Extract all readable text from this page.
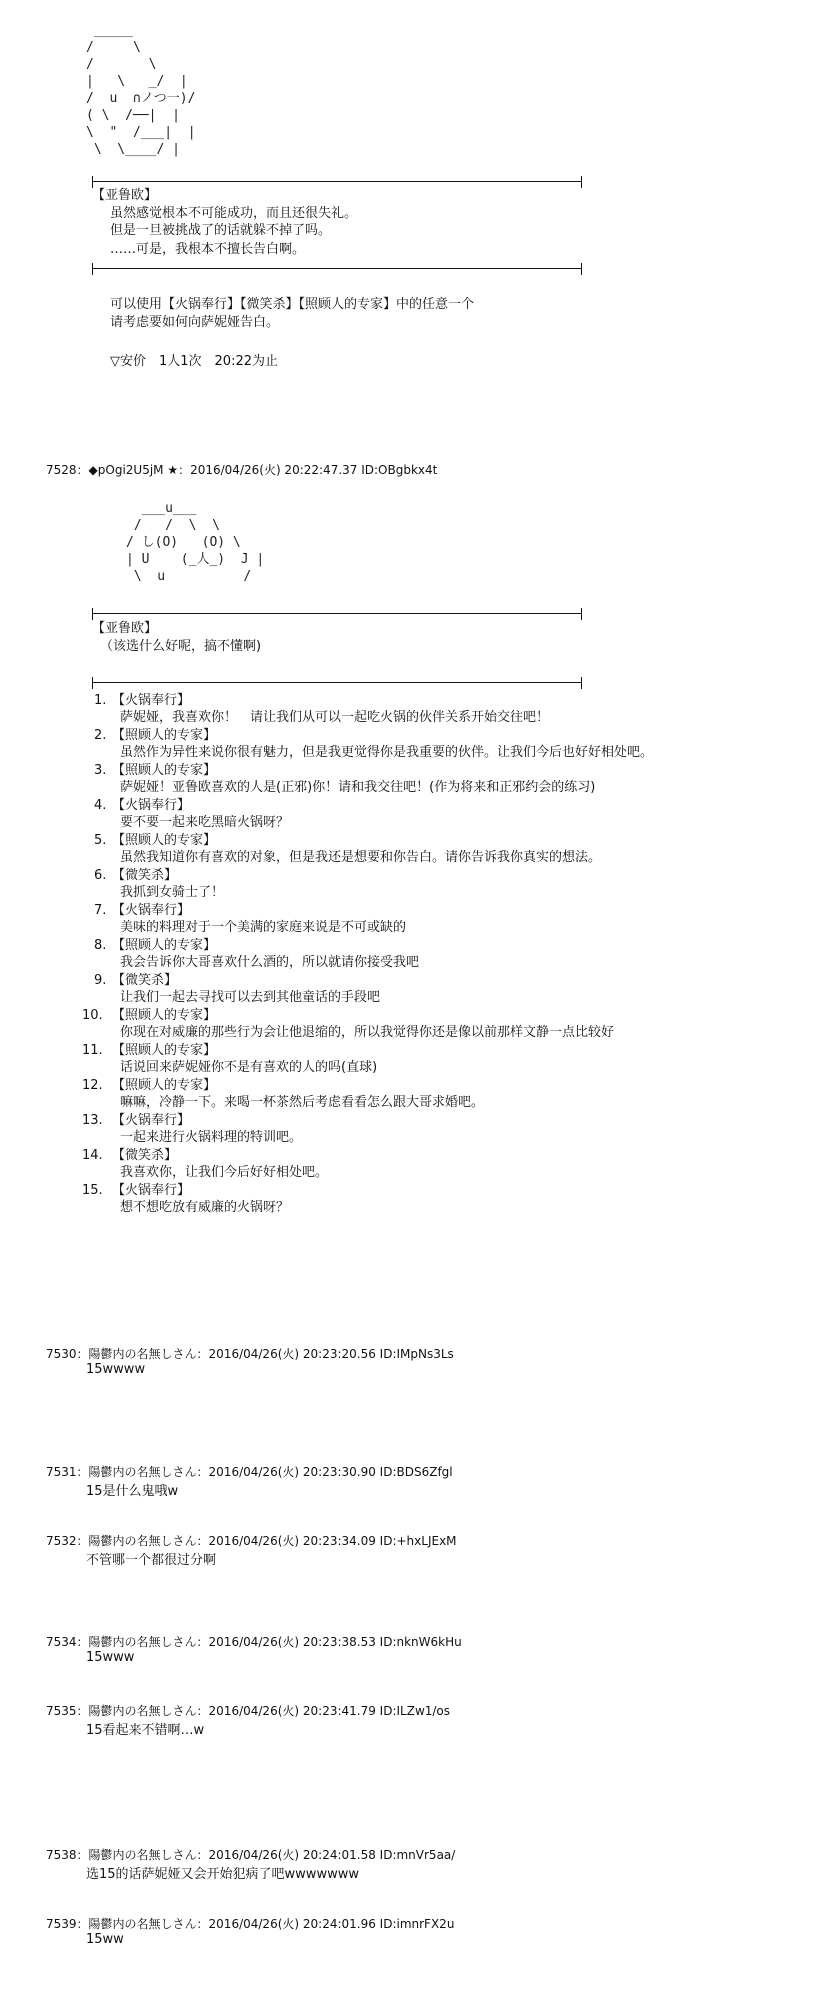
_____
/     \
/       \
|   \   _/  |
/  u  ∩ノつ一)/
( \  /──|  |
\  "  /___|  |
\  \____/ |
【亚鲁欧】
虽然感觉根本不可能成功，而且还很失礼。
但是一旦被挑战了的话就躲不掉了吗。
……可是，我根本不擅长告白啊。
可以使用【火锅奉行】【微笑杀】【照顾人的专家】中的任意一个
请考虑要如何向萨妮娅告白。
▽安价　1人1次　20:22为止
7528：◆pOgi2U5jM ★：2016/04/26(火) 20:22:47.37 ID:OBgbkx4t
___u___
/   /  \  \
/ し(O)   (O) \
| U    (_人_)  J |
\  u          /
【亚鲁欧】
（该选什么好呢，搞不懂啊)
1. 【火锅奉行】
萨妮娅，我喜欢你！　请让我们从可以一起吃火锅的伙伴关系开始交往吧！
2. 【照顾人的专家】
虽然作为异性来说你很有魅力，但是我更觉得你是我重要的伙伴。让我们今后也好好相处吧。
3. 【照顾人的专家】
萨妮娅！亚鲁欧喜欢的人是(正邪)你！请和我交往吧！(作为将来和正邪约会的练习)
4. 【火锅奉行】
要不要一起来吃黑暗火锅呀？
5. 【照顾人的专家】
虽然我知道你有喜欢的对象，但是我还是想要和你告白。请你告诉我你真实的想法。
6. 【微笑杀】
我抓到女骑士了！
7. 【火锅奉行】
美味的料理对于一个美满的家庭来说是不可或缺的
8. 【照顾人的专家】
我会告诉你大哥喜欢什么酒的，所以就请你接受我吧
9. 【微笑杀】
让我们一起去寻找可以去到其他童话的手段吧
10. 【照顾人的专家】
你现在对威廉的那些行为会让他退缩的，所以我觉得你还是像以前那样文静一点比较好
11. 【照顾人的专家】
话说回来萨妮娅你不是有喜欢的人的吗(直球)
12. 【照顾人的专家】
嘛嘛，冷静一下。来喝一杯茶然后考虑看看怎么跟大哥求婚吧。
13. 【火锅奉行】
一起来进行火锅料理的特训吧。
14. 【微笑杀】
我喜欢你，让我们今后好好相处吧。
15. 【火锅奉行】
想不想吃放有威廉的火锅呀？
7530：陽鬱内の名無しさん：2016/04/26(火) 20:23:20.56 ID:IMpNs3Ls
15wwww
7531：陽鬱内の名無しさん：2016/04/26(火) 20:23:30.90 ID:BDS6Zfgl
15是什么鬼哦w
7532：陽鬱内の名無しさん：2016/04/26(火) 20:23:34.09 ID:+hxLJExM
不管哪一个都很过分啊
7534：陽鬱内の名無しさん：2016/04/26(火) 20:23:38.53 ID:nknW6kHu
15www
7535：陽鬱内の名無しさん：2016/04/26(火) 20:23:41.79 ID:ILZw1/os
15看起来不错啊…w
7538：陽鬱内の名無しさん：2016/04/26(火) 20:24:01.58 ID:mnVr5aa/
选15的话萨妮娅又会开始犯病了吧wwwwwww
7539：陽鬱内の名無しさん：2016/04/26(火) 20:24:01.96 ID:imnrFX2u
15ww
